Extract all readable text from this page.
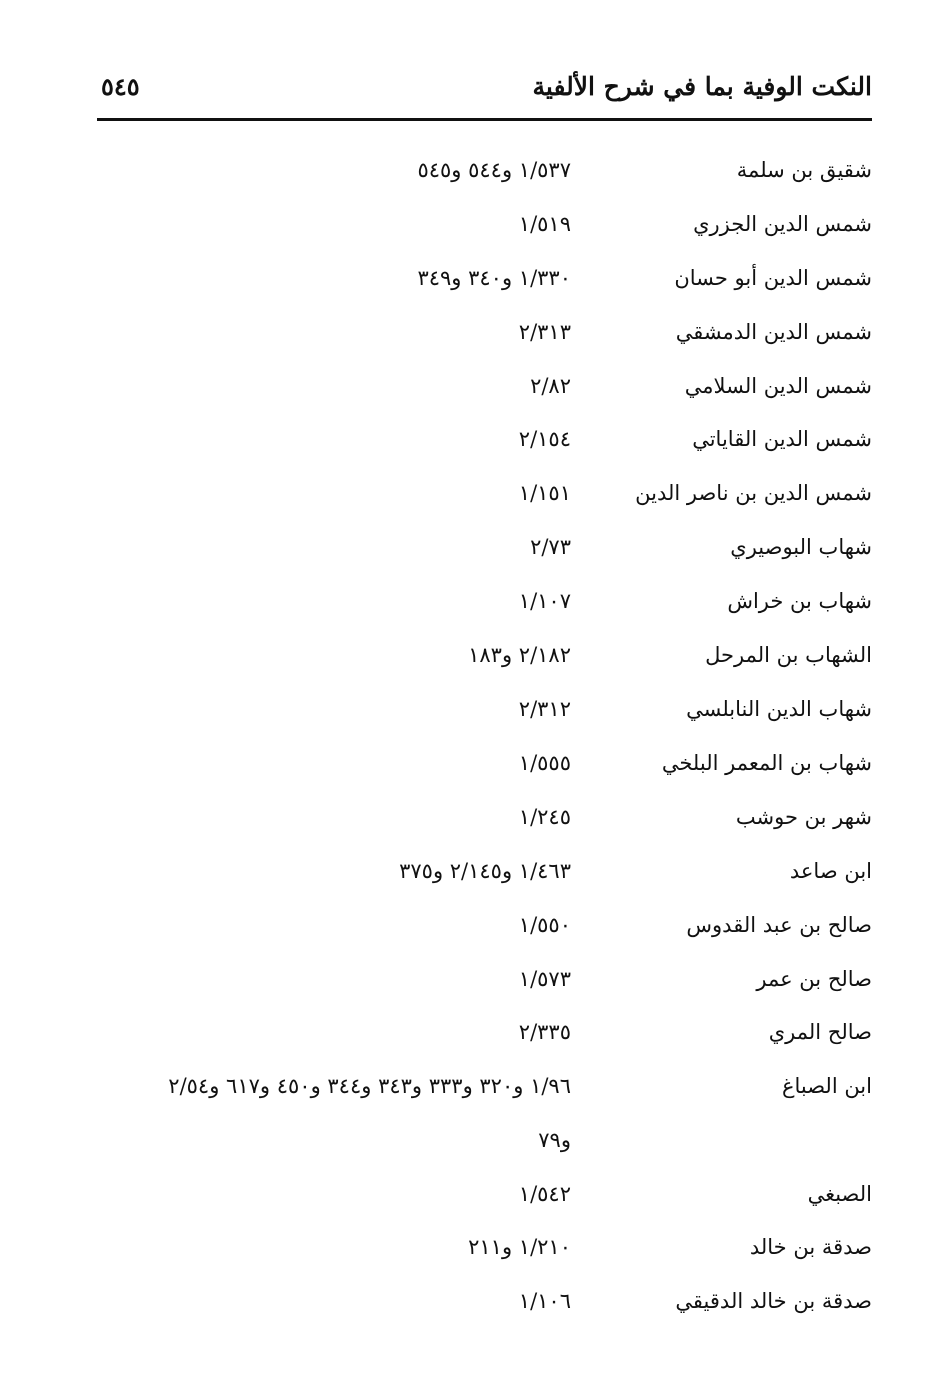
النكت الوفية بما في شرح الألفية
٥٤٥
شقيق بن سلمة
١/٥٣٧ و٥٤٤ و٥٤٥
شمس الدين الجزري
١/٥١٩
شمس الدين أبو حسان
١/٣٣٠ و٣٤٠ و٣٤٩
شمس الدين الدمشقي
٢/٣١٣
شمس الدين السلامي
٢/٨٢
شمس الدين القاياتي
٢/١٥٤
شمس الدين بن ناصر الدين
١/١٥١
شهاب البوصيري
٢/٧٣
شهاب بن خراش
١/١٠٧
الشهاب بن المرحل
٢/١٨٢ و١٨٣
شهاب الدين النابلسي
٢/٣١٢
شهاب بن المعمر البلخي
١/٥٥٥
شهر بن حوشب
١/٢٤٥
ابن صاعد
١/٤٦٣ و٢/١٤٥ و٣٧٥
صالح بن عبد القدوس
١/٥٥٠
صالح بن عمر
١/٥٧٣
صالح المري
٢/٣٣٥
ابن الصباغ
١/٩٦ و٣٢٠ و٣٣٣ و٣٤٣ و٣٤٤ و٤٥٠ و٦١٧ و٢/٥٤
و٧٩
الصبغي
١/٥٤٢
صدقة بن خالد
١/٢١٠ و٢١١
صدقة بن خالد الدقيقي
١/١٠٦
